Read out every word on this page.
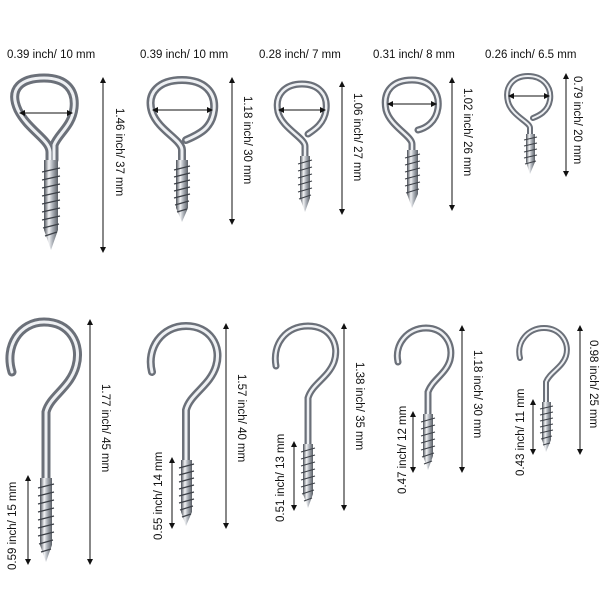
0.39 inch/ 10 mm	0.39 inch/ 10 mm	0.28 inch/ 7 mm	0.31 inch/ 8 mm	0.26 inch/ 6.5 mm
1.46 inch/ 37 mm	1.18 inch/ 30 mm	1.06 inch/ 27 mm	1.02 inch/ 26 mm	0.79 inch/ 20 mm
1.77 inch/ 45 mm	1.57 inch/ 40 mm	1.38 inch/ 35 mm	1.18 inch/ 30 mm	0.98 inch/ 25 mm
0.59 inch/ 15 mm	0.55 inch/ 14 mm	0.51 inch/ 13 mm	0.47 inch/ 12 mm	0.43 inch/ 11 mm
